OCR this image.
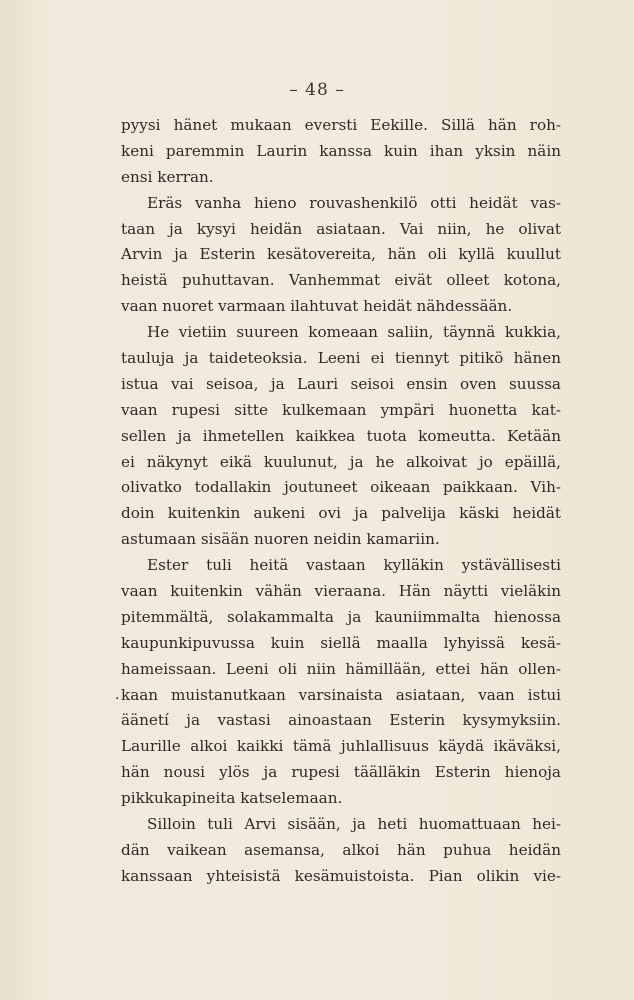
– 48 –
pyysi hänet mukaan eversti Eekille. Sillä hän roh-
keni paremmin Laurin kanssa kuin ihan yksin näin
ensi kerran.
Eräs vanha hieno rouvashenkilö otti heidät vas-
taan ja kysyi heidän asiataan. Vai niin, he olivat
Arvin ja Esterin kesätovereita, hän oli kyllä kuullut
heistä puhuttavan. Vanhemmat eivät olleet kotona,
vaan nuoret varmaan ilahtuvat heidät nähdessään.
He vietiin suureen komeaan saliin, täynnä kukkia,
tauluja ja taideteoksia. Leeni ei tiennyt pitikö hänen
istua vai seisoa, ja Lauri seisoi ensin oven suussa
vaan rupesi sitte kulkemaan ympäri huonetta kat-
sellen ja ihmetellen kaikkea tuota komeutta. Ketään
ei näkynyt eikä kuulunut, ja he alkoivat jo epäillä,
olivatko todallakin joutuneet oikeaan paikkaan. Vih-
doin kuitenkin aukeni ovi ja palvelija käski heidät
astumaan sisään nuoren neidin kamariin.
Ester tuli heitä vastaan kylläkin ystävällisesti
vaan kuitenkin vähän vieraana. Hän näytti vieläkin
pitemmältä, solakammalta ja kauniimmalta hienossa
kaupunkipuvussa kuin siellä maalla lyhyissä kesä-
hameissaan. Leeni oli niin hämillään, ettei hän ollen-
. kaan muistanutkaan varsinaista asiataan, vaan istui
äänetí ja vastasi ainoastaan Esterin kysymyksiin.
Laurille alkoi kaikki tämä juhlallisuus käydä ikäväksi,
hän nousi ylös ja rupesi täälläkin Esterin hienoja
pikkukapineita katselemaan.
Silloin tuli Arvi sisään, ja heti huomattuaan hei-
dän vaikean asemansa, alkoi hän puhua heidän
kanssaan yhteisistä kesämuistoista. Pian olikin vie-
